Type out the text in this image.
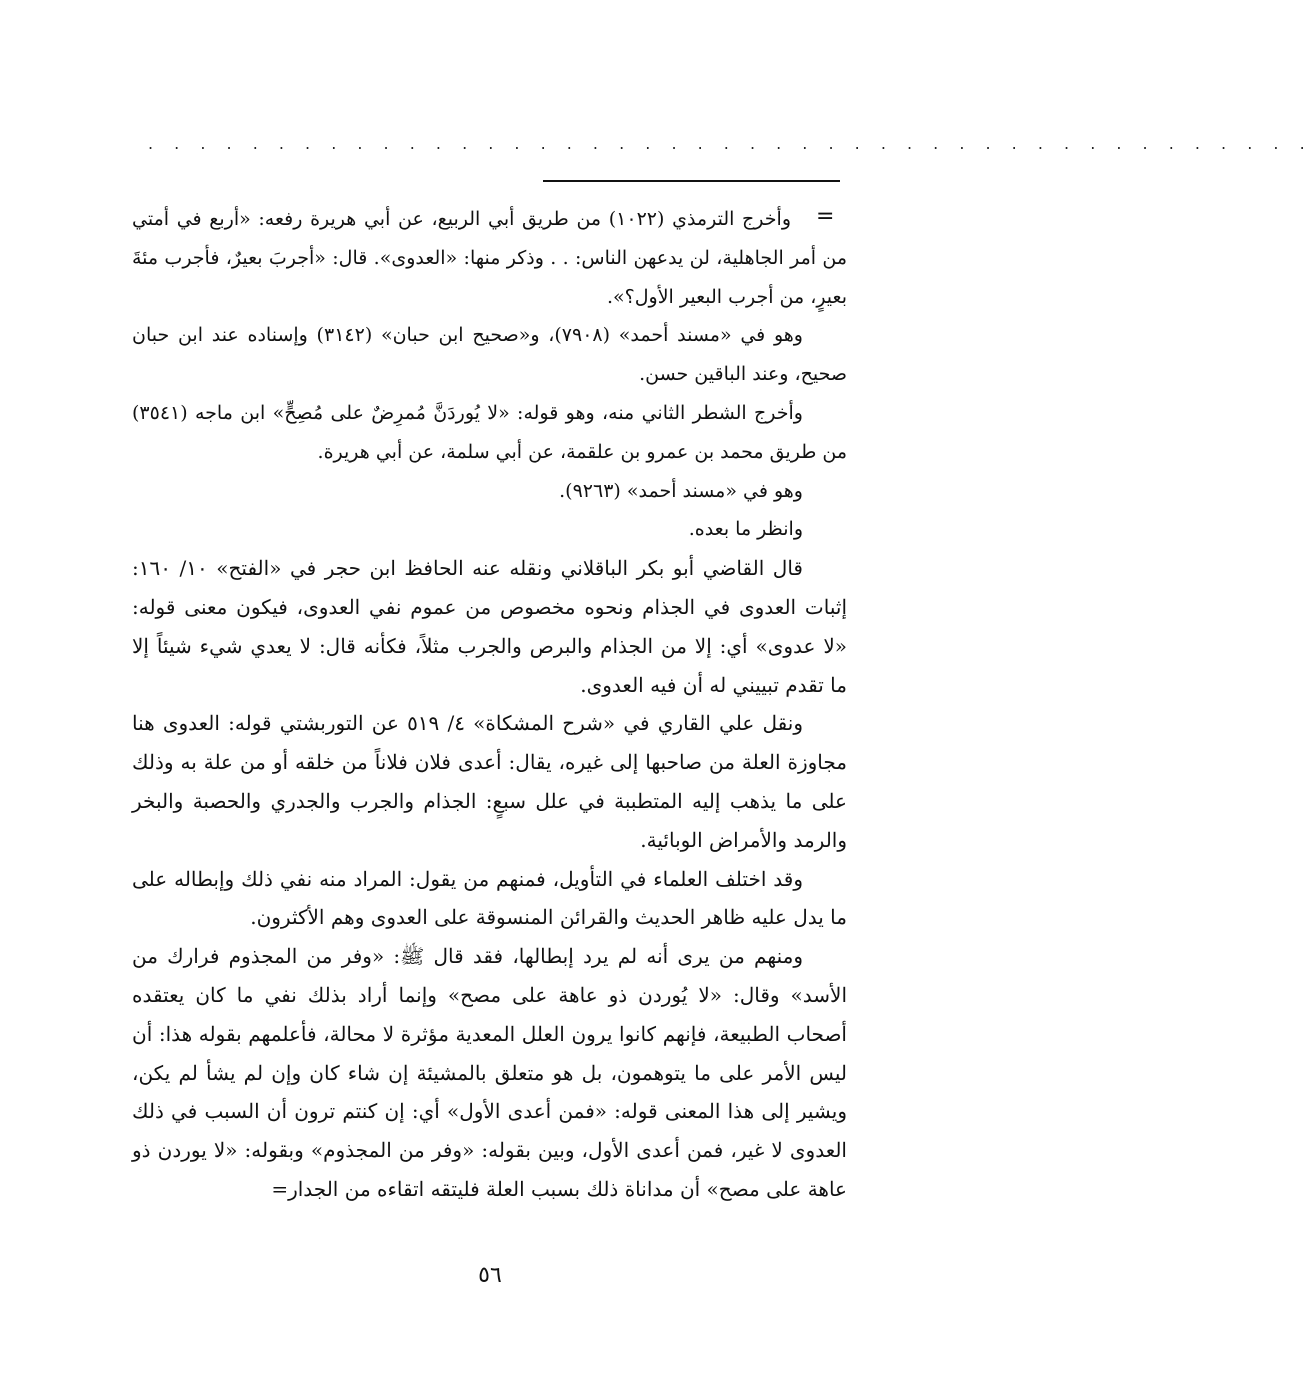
. . . . . . . . . . . . . . . . . . . . . . . . . . . . . . . . . . . . . . . . . . . . .
=

وأخرج الترمذي (١٠٢٢) من طريق أبي الربيع، عن أبي هريرة رفعه: «أربع في أمتي من أمر الجاهلية، لن يدعهن الناس: . . وذكر منها: «العدوى». قال: «أجربَ بعيرٌ، فأجرب مئةَ بعيرٍ، من أجرب البعير الأول؟».

وهو في «مسند أحمد» (٧٩٠٨)، و«صحيح ابن حبان» (٣١٤٢) وإسناده عند ابن حبان صحيح، وعند الباقين حسن.

وأخرج الشطر الثاني منه، وهو قوله: «لا يُوردَنَّ مُمرِضٌ على مُصِحٍّ» ابن ماجه (٣٥٤١) من طريق محمد بن عمرو بن علقمة، عن أبي سلمة، عن أبي هريرة.

وهو في «مسند أحمد» (٩٢٦٣).

وانظر ما بعده.

قال القاضي أبو بكر الباقلاني ونقله عنه الحافظ ابن حجر في «الفتح» ١٠/ ١٦٠: إثبات العدوى في الجذام ونحوه مخصوص من عموم نفي العدوى، فيكون معنى قوله: «لا عدوى» أي: إلا من الجذام والبرص والجرب مثلاً، فكأنه قال: لا يعدي شيء شيئاً إلا ما تقدم تبييني له أن فيه العدوى.

ونقل علي القاري في «شرح المشكاة» ٤/ ٥١٩ عن التوربشتي قوله: العدوى هنا مجاوزة العلة من صاحبها إلى غيره، يقال: أعدى فلان فلاناً من خلقه أو من علة به وذلك على ما يذهب إليه المتطببة في علل سبعٍ: الجذام والجرب والجدري والحصبة والبخر والرمد والأمراض الوبائية.

وقد اختلف العلماء في التأويل، فمنهم من يقول: المراد منه نفي ذلك وإبطاله على ما يدل عليه ظاهر الحديث والقرائن المنسوقة على العدوى وهم الأكثرون.

ومنهم من يرى أنه لم يرد إبطالها، فقد قال ﷺ: «وفر من المجذوم فرارك من الأسد» وقال: «لا يُوردن ذو عاهة على مصح» وإنما أراد بذلك نفي ما كان يعتقده أصحاب الطبيعة، فإنهم كانوا يرون العلل المعدية مؤثرة لا محالة، فأعلمهم بقوله هذا: أن ليس الأمر على ما يتوهمون، بل هو متعلق بالمشيئة إن شاء كان وإن لم يشأ لم يكن، ويشير إلى هذا المعنى قوله: «فمن أعدى الأول» أي: إن كنتم ترون أن السبب في ذلك العدوى لا غير، فمن أعدى الأول، وبين بقوله: «وفر من المجذوم» وبقوله: «لا يوردن ذو عاهة على مصح» أن مداناة ذلك بسبب العلة فليتقه اتقاءه من الجدار=

٥٦
